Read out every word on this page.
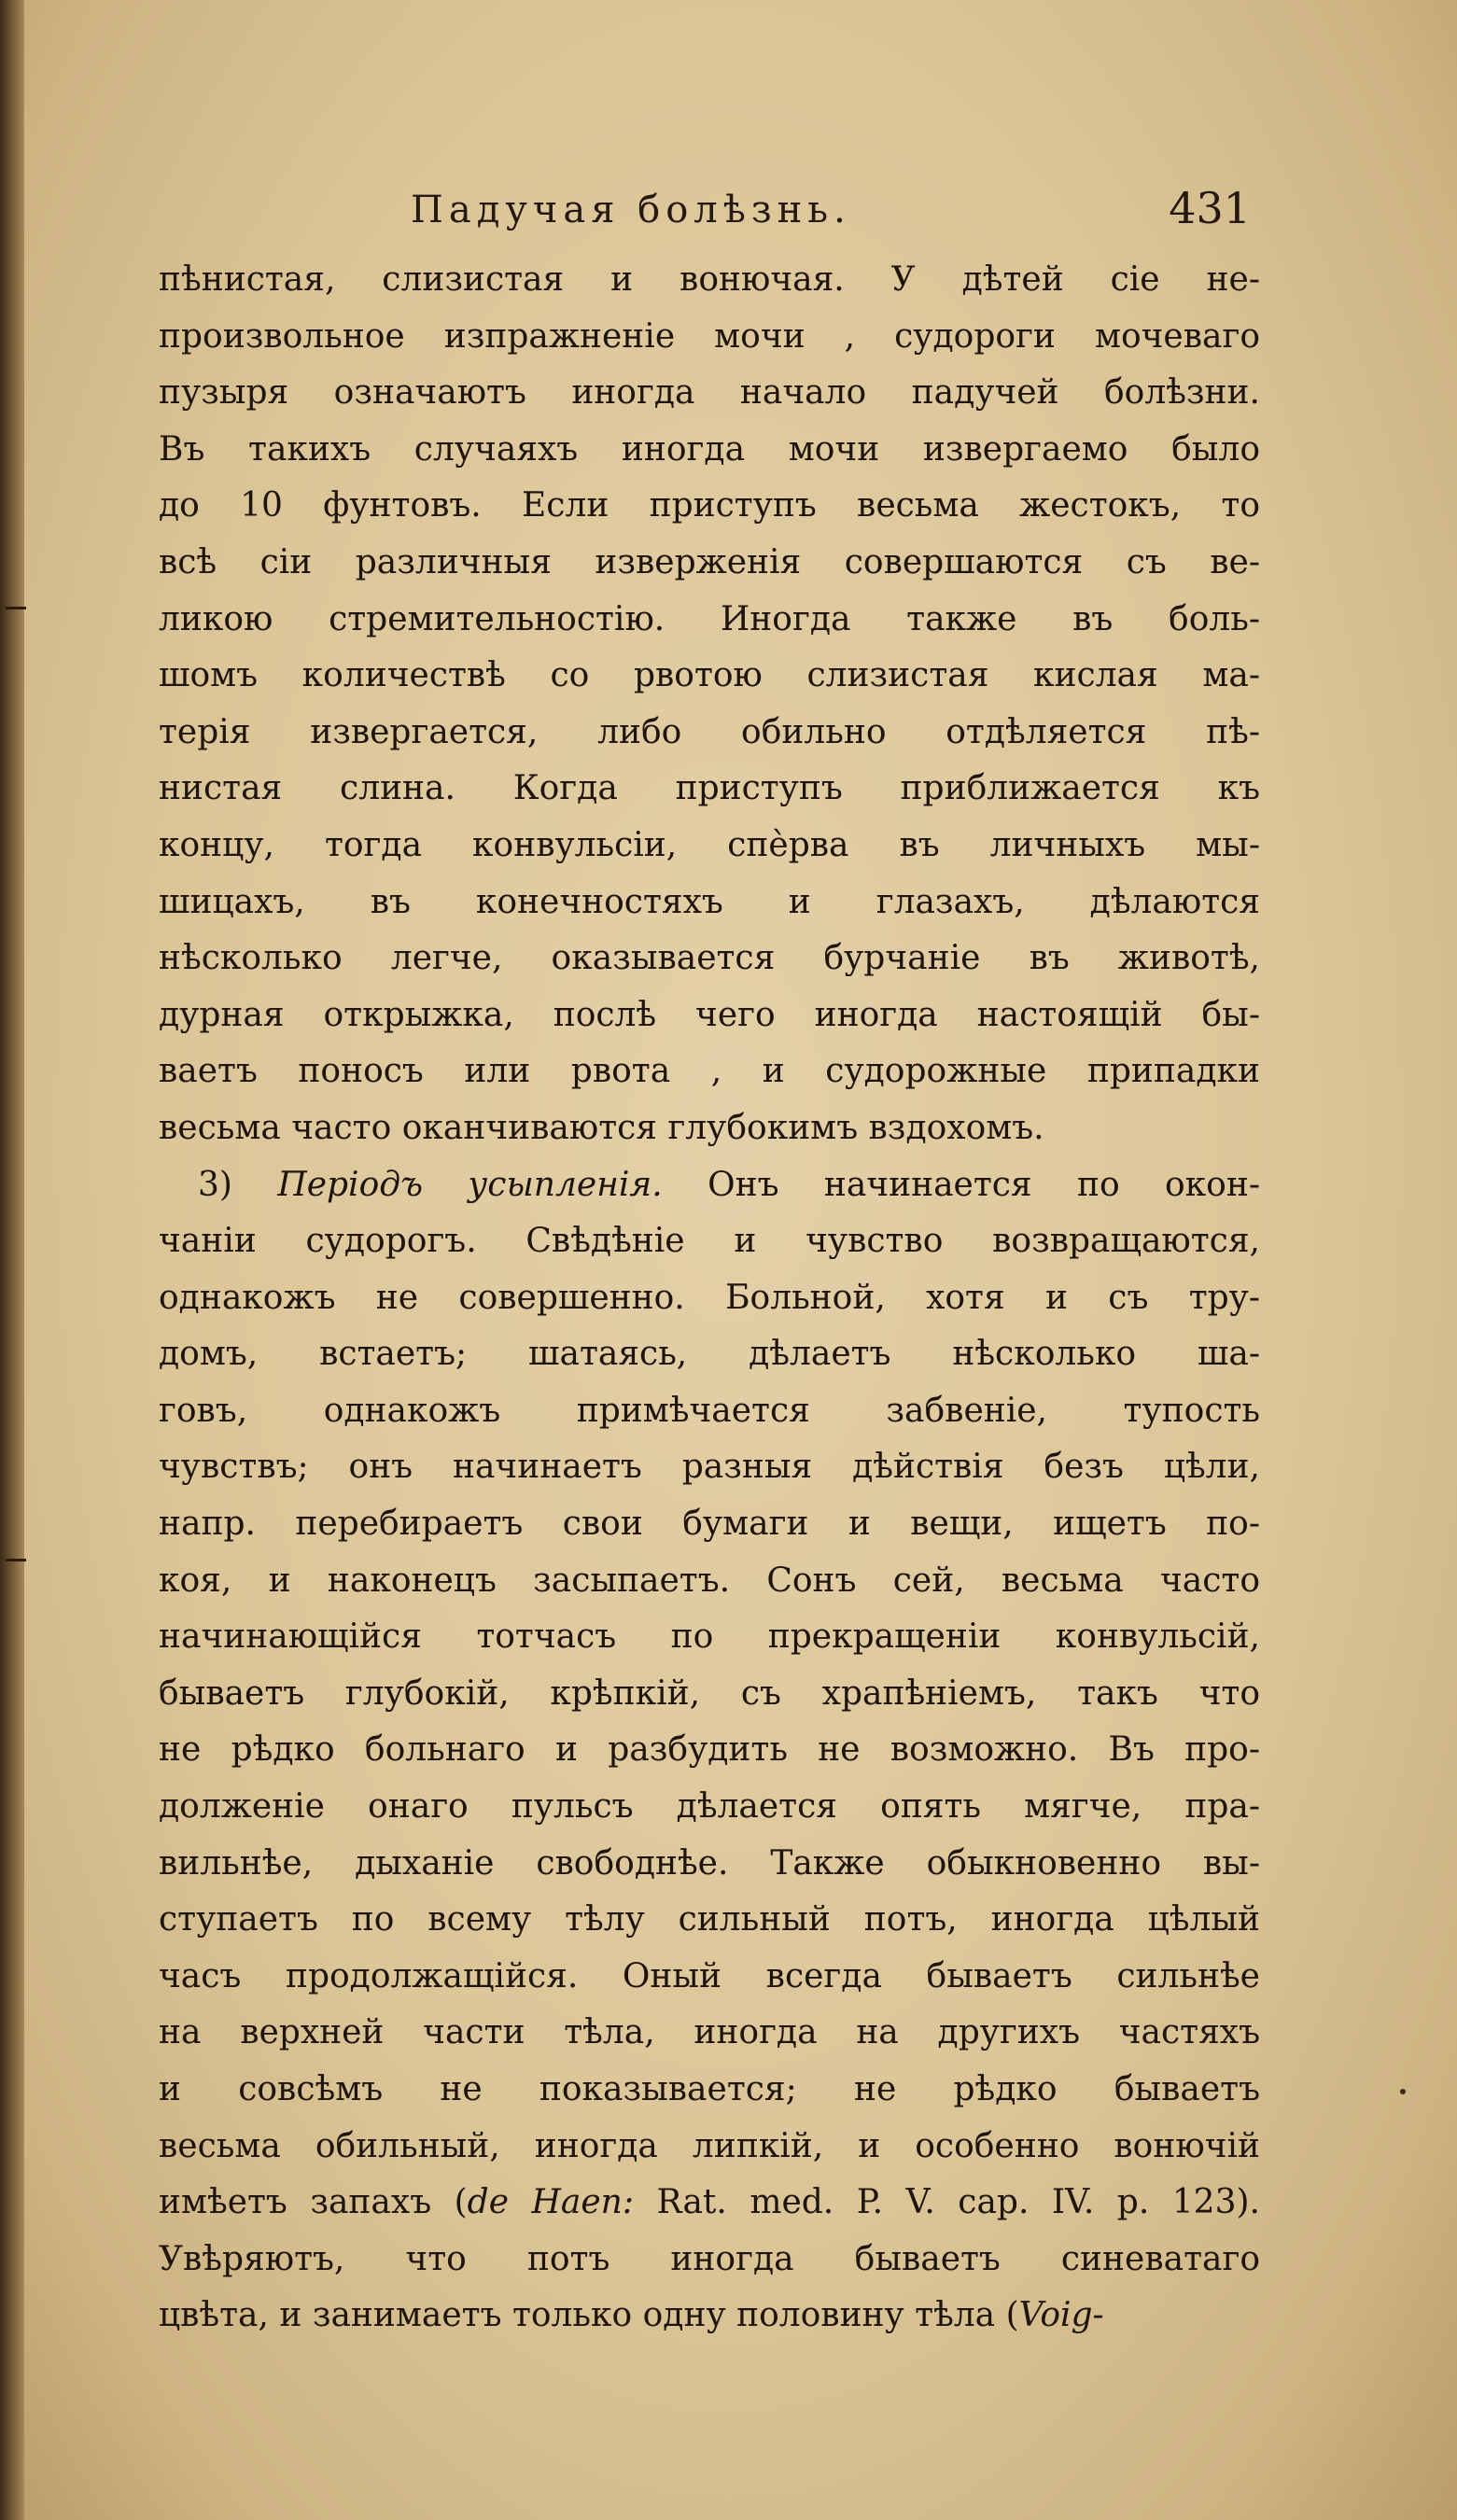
Падучая болѣзнь.	431
пѣнистая, слизистая и вонючая. У дѣтей сіе не-
произвольное изпражненіе мочи , судороги мочеваго
пузыря означаютъ иногда начало падучей болѣзни.
Въ такихъ случаяхъ иногда мочи извергаемо было
до 10 фунтовъ. Если приступъ весьма жестокъ, то
всѣ сіи различныя изверженія совершаются съ ве-
ликою стремительностію. Иногда также въ боль-
шомъ количествѣ со рвотою слизистая кислая ма-
терія извергается, либо обильно отдѣляется пѣ-
нистая слина. Когда приступъ приближается къ
концу, тогда конвульсіи, спѐрва въ личныхъ мы-
шицахъ, въ конечностяхъ и глазахъ, дѣлаются
нѣсколько легче, оказывается бурчаніе въ животѣ,
дурная открыжка, послѣ чего иногда настоящій бы-
ваетъ поносъ или рвота , и судорожные припадки
весьма часто оканчиваются глубокимъ вздохомъ.
3) Періодъ усыпленія. Онъ начинается по окон-
чаніи судорогъ. Свѣдѣніе и чувство возвращаются,
однакожъ не совершенно. Больной, хотя и съ тру-
домъ, встаетъ; шатаясь, дѣлаетъ нѣсколько ша-
говъ, однакожъ примѣчается забвеніе, тупость
чувствъ; онъ начинаетъ разныя дѣйствія безъ цѣли,
напр. перебираетъ свои бумаги и вещи, ищетъ по-
коя, и наконецъ засыпаетъ. Сонъ сей, весьма часто
начинающійся тотчасъ по прекращеніи конвульсій,
бываетъ глубокій, крѣпкій, съ храпѣніемъ, такъ что
не рѣдко больнаго и разбудить не возможно. Въ про-
долженіе онаго пульсъ дѣлается опять мягче, пра-
вильнѣе, дыханіе свободнѣе. Также обыкновенно вы-
ступаетъ по всему тѣлу сильный потъ, иногда цѣлый
часъ продолжащійся. Оный всегда бываетъ сильнѣе
на верхней части тѣла, иногда на другихъ частяхъ
и совсѣмъ не показывается; не рѣдко бываетъ
весьма обильный, иногда липкій, и особенно вонючій
имѣетъ запахъ (de Haen: Rat. med. P. V. cap. IV. p. 123).
Увѣряютъ, что потъ иногда бываетъ синеватаго
цвѣта, и занимаетъ только одну половину тѣла (Voig-
